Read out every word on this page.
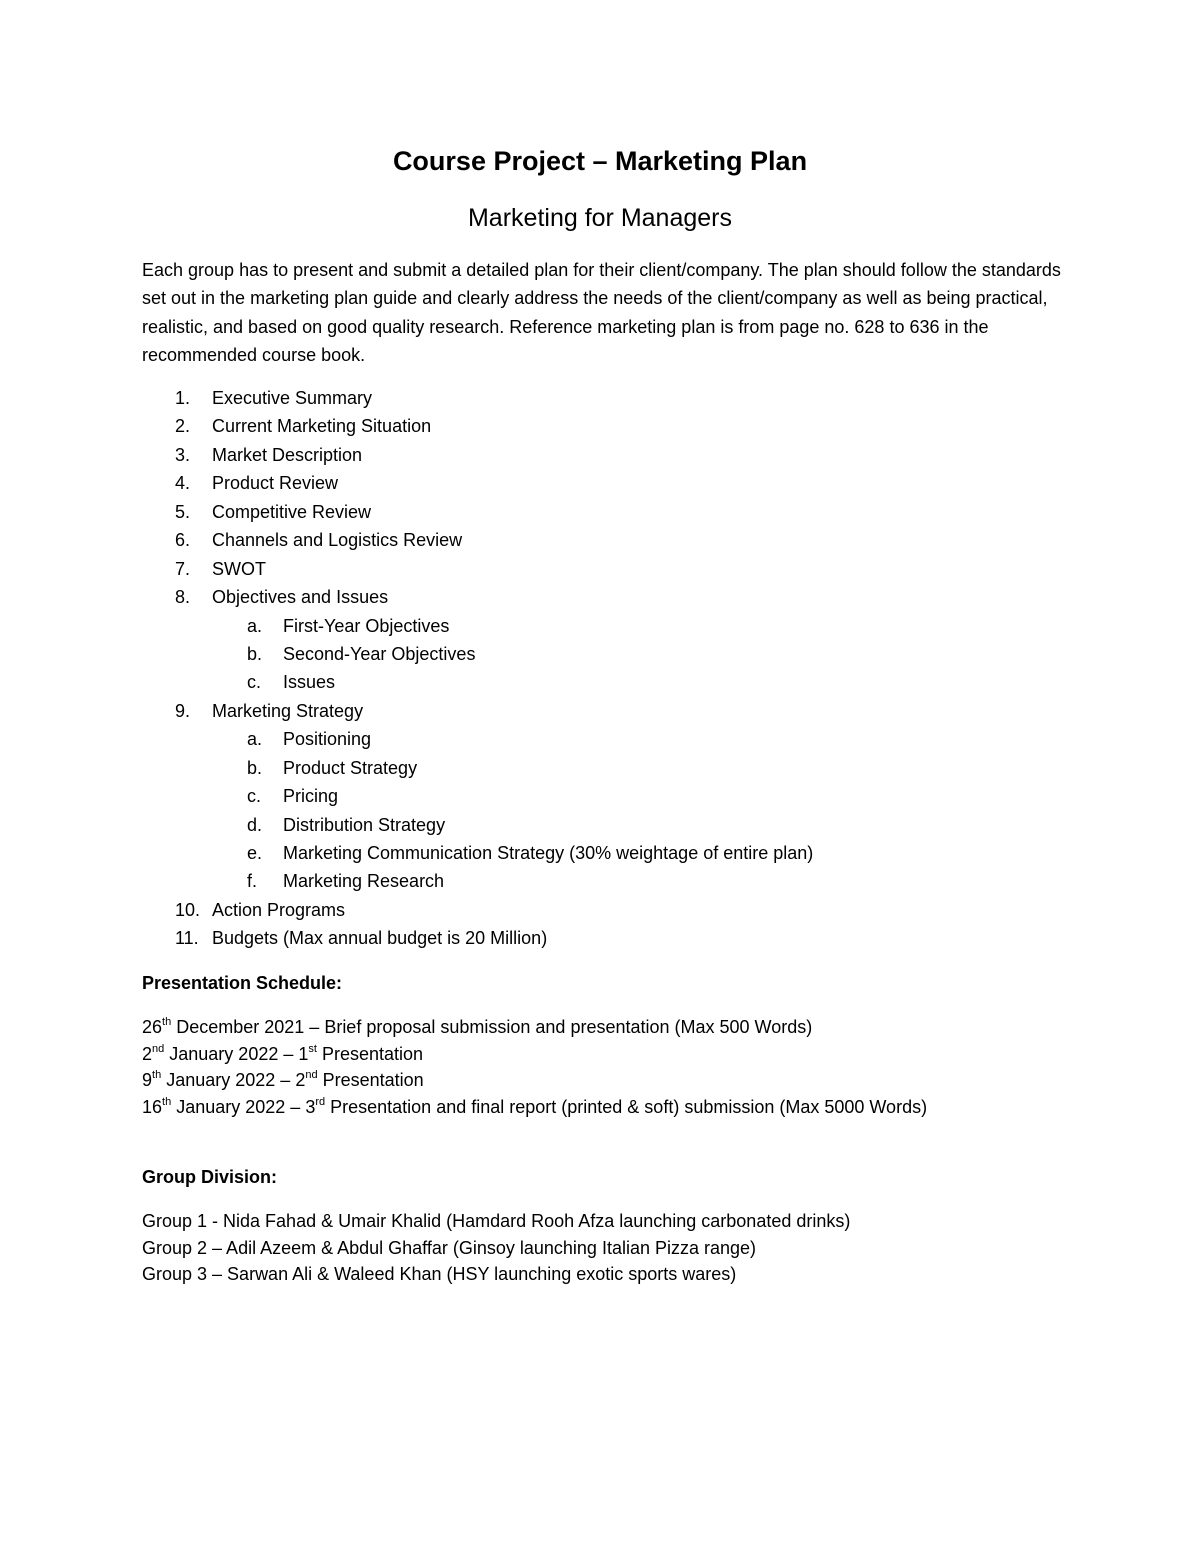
Course Project – Marketing Plan
Marketing for Managers

Each group has to present and submit a detailed plan for their client/company. The plan should follow the standards set out in the marketing plan guide and clearly address the needs of the client/company as well as being practical, realistic, and based on good quality research. Reference marketing plan is from page no. 628 to 636 in the recommended course book.

1. Executive Summary
2. Current Marketing Situation
3. Market Description
4. Product Review
5. Competitive Review
6. Channels and Logistics Review
7. SWOT
8. Objectives and Issues
a. First-Year Objectives
b. Second-Year Objectives
c. Issues
9. Marketing Strategy
a. Positioning
b. Product Strategy
c. Pricing
d. Distribution Strategy
e. Marketing Communication Strategy (30% weightage of entire plan)
f. Marketing Research
10. Action Programs
11. Budgets (Max annual budget is 20 Million)
Presentation Schedule:
26th December 2021 – Brief proposal submission and presentation (Max 500 Words)
2nd January 2022 – 1st Presentation
9th January 2022 – 2nd Presentation
16th January 2022 – 3rd Presentation and final report (printed & soft) submission (Max 5000 Words)
Group Division:
Group 1 - Nida Fahad & Umair Khalid (Hamdard Rooh Afza launching carbonated drinks)
Group 2 – Adil Azeem & Abdul Ghaffar (Ginsoy launching Italian Pizza range)
Group 3 – Sarwan Ali & Waleed Khan (HSY launching exotic sports wares)
